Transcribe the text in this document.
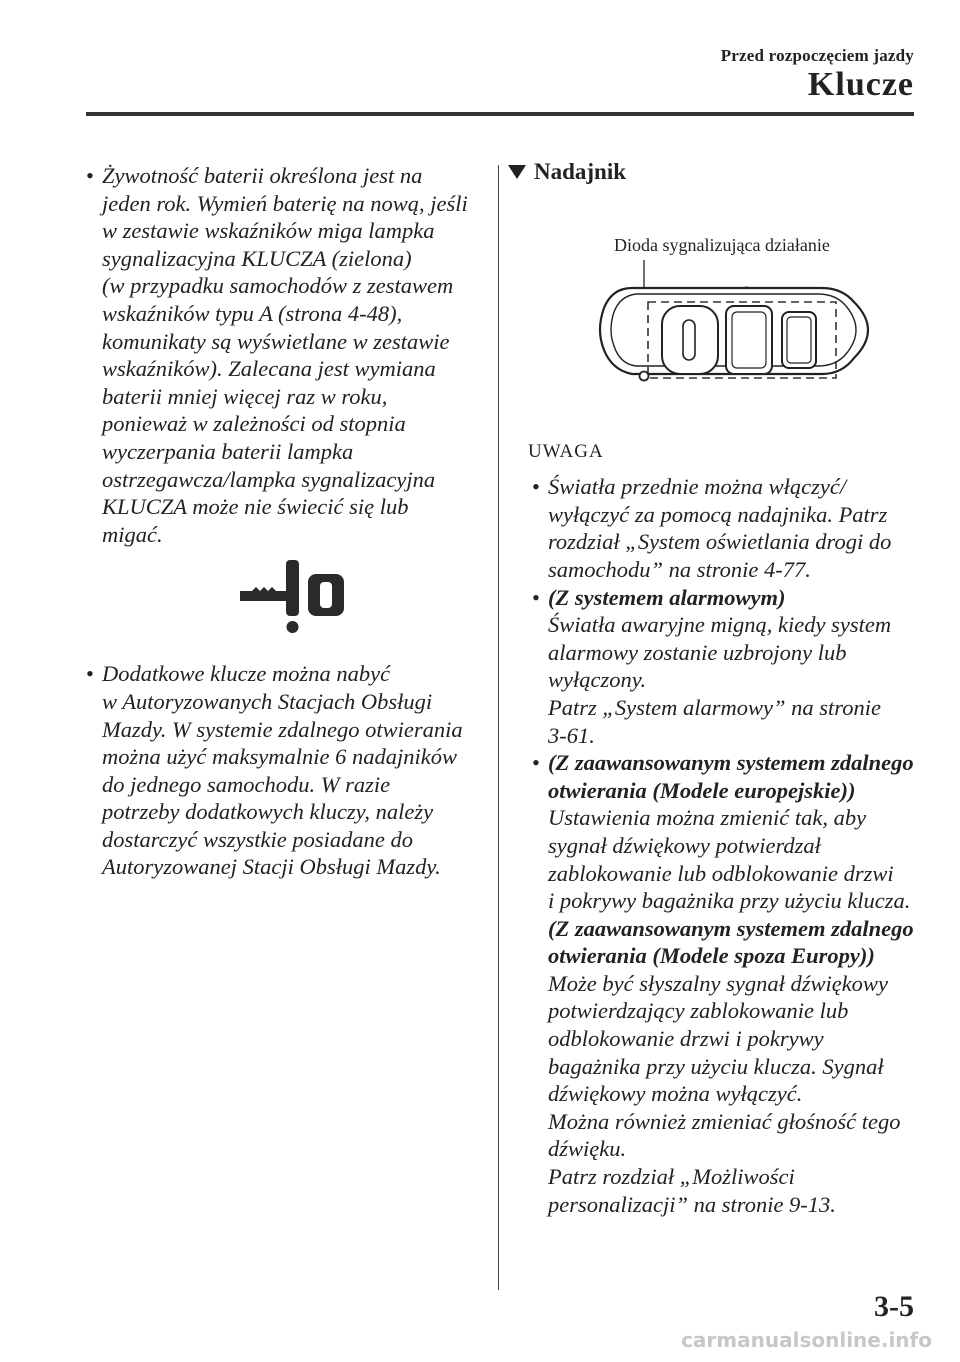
Przed rozpoczęciem jazdy
Klucze
• Żywotność baterii określona jest na
jeden rok. Wymień baterię na nową, jeśli
w zestawie wskaźników miga lampka
sygnalizacyjna KLUCZA (zielona)
(w przypadku samochodów z zestawem
wskaźników typu A (strona 4-48),
komunikaty są wyświetlane w zestawie
wskaźników). Zalecana jest wymiana
baterii mniej więcej raz w roku,
ponieważ w zależności od stopnia
wyczerpania baterii lampka
ostrzegawcza/lampka sygnalizacyjna
KLUCZA może nie świecić się lub
migać.

• Dodatkowe klucze można nabyć
w Autoryzowanych Stacjach Obsługi
Mazdy. W systemie zdalnego otwierania
można użyć maksymalnie 6 nadajników
do jednego samochodu. W razie
potrzeby dodatkowych kluczy, należy
dostarczyć wszystkie posiadane do
Autoryzowanej Stacji Obsługi Mazdy.

Nadajnik
Dioda sygnalizująca działanie
UWAGA
• Światła przednie można włączyć/
wyłączyć za pomocą nadajnika. Patrz
rozdział „System oświetlania drogi do
samochodu” na stronie 4-77.

• (Z systemem alarmowym)

Światła awaryjne migną, kiedy system
alarmowy zostanie uzbrojony lub
wyłączony.
Patrz „System alarmowy” na stronie
3-61.

• (Z zaawansowanym systemem zdalnego
otwierania (Modele europejskie))

Ustawienia można zmienić tak, aby
sygnał dźwiękowy potwierdzał
zablokowanie lub odblokowanie drzwi
i pokrywy bagażnika przy użyciu klucza.

(Z zaawansowanym systemem zdalnego
otwierania (Modele spoza Europy))

Może być słyszalny sygnał dźwiękowy
potwierdzający zablokowanie lub
odblokowanie drzwi i pokrywy
bagażnika przy użyciu klucza. Sygnał
dźwiękowy można wyłączyć.
Można również zmieniać głośność tego
dźwięku.
Patrz rozdział „Możliwości
personalizacji” na stronie 9-13.

3-5
carmanualsonline.info
